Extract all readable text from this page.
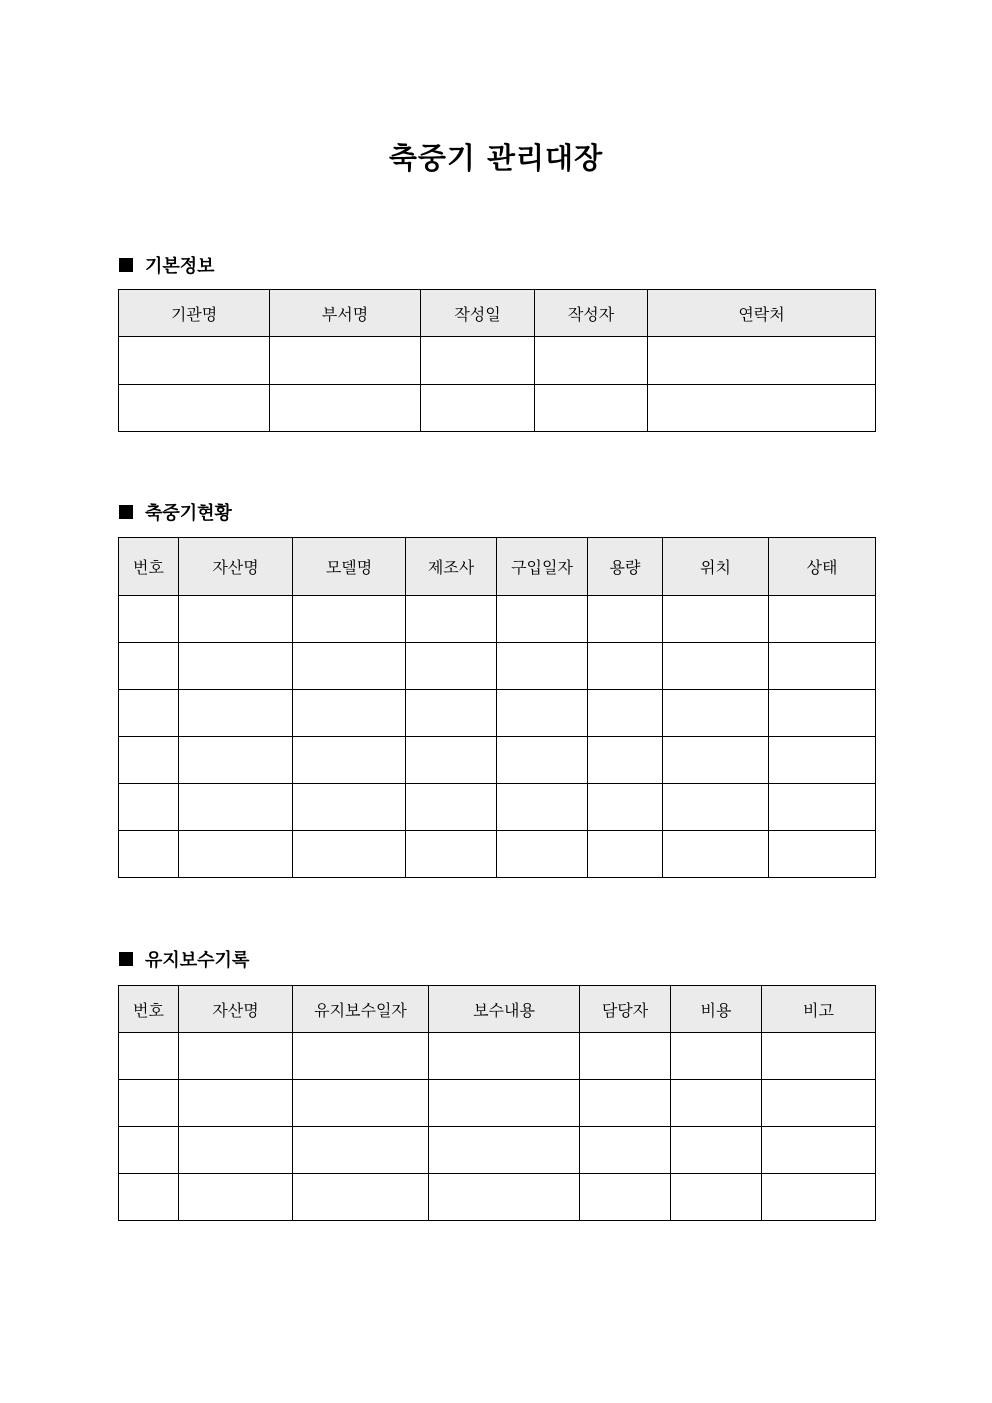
축중기 관리대장
기본정보
기관명	부서명	작성일	작성자	연락처

축중기현황
번호	자산명	모델명	제조사	구입일자	용량	위치	상태

유지보수기록
번호	자산명	유지보수일자	보수내용	담당자	비용	비고
